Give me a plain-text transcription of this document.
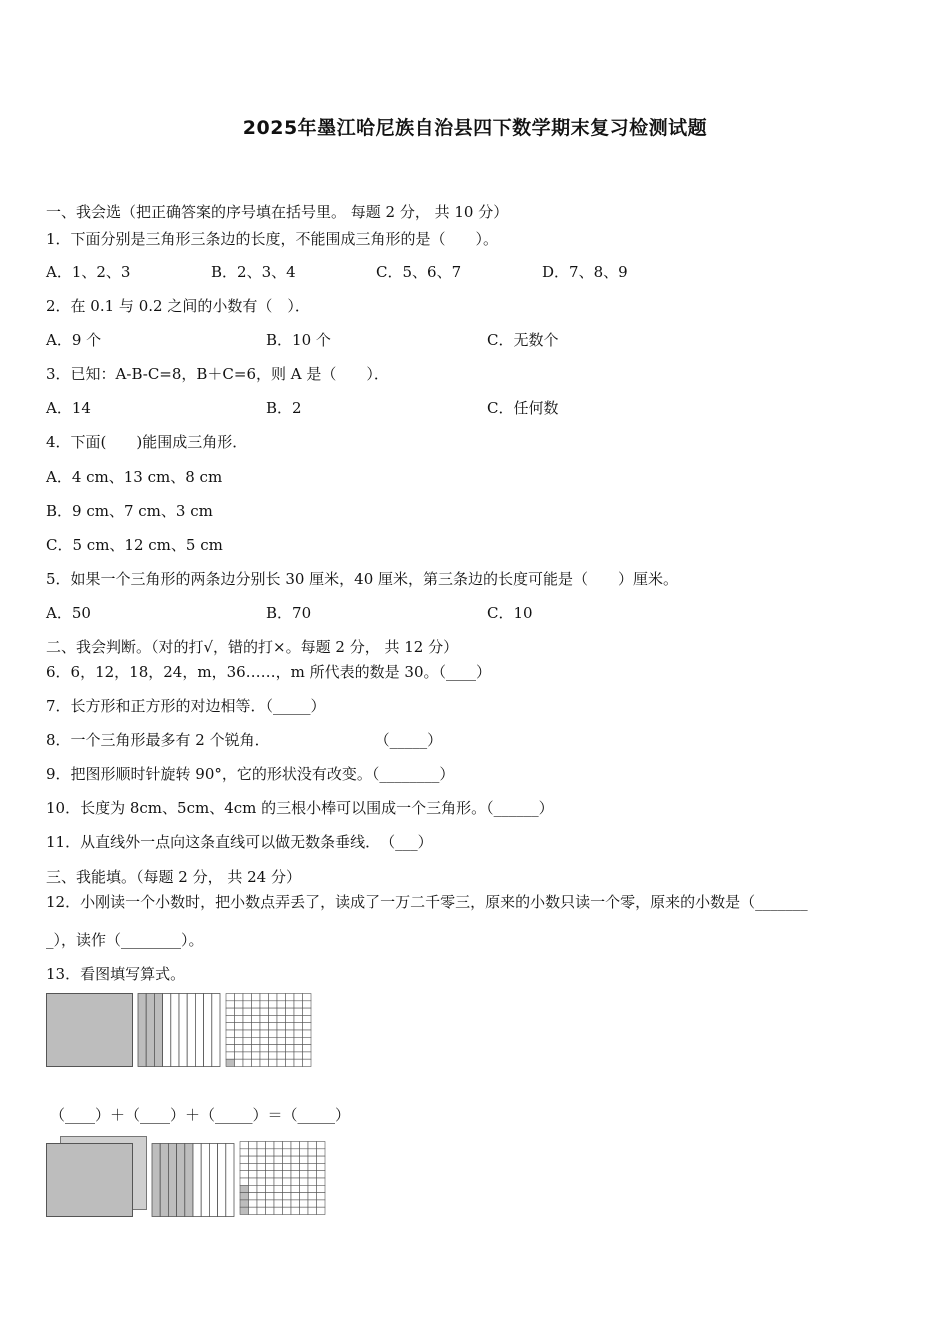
2025年墨江哈尼族自治县四下数学期末复习检测试题
一、我会选（把正确答案的序号填在括号里。 每题 2 分， 共 10 分）
1．下面分别是三角形三条边的长度，不能围成三角形的是（　　）。
A．1、2、3	B．2、3、4	C．5、6、7	D．7、8、9
2．在 0.1 与 0.2 之间的小数有（　）．
A．9 个	B．10 个	C．无数个
3．已知：A-B-C=8，B＋C=6，则 A 是（　　）．
A．14	B．2	C．任何数
4．下面(　　)能围成三角形．
A．4 cm、13 cm、8 cm
B．9 cm、7 cm、3 cm
C．5 cm、12 cm、5 cm
5．如果一个三角形的两条边分别长 30 厘米，40 厘米，第三条边的长度可能是（　　）厘米。
A．50	B．70	C．10
二、我会判断。（对的打√，错的打×。每题 2 分， 共 12 分）
6．6，12，18，24，m，36……，m 所代表的数是 30。（____）
7．长方形和正方形的对边相等．（_____）
8．一个三角形最多有 2 个锐角．　　　　　　　　（_____）
9．把图形顺时针旋转 90°，它的形状没有改变。（________）
10．长度为 8cm、5cm、4cm 的三根小棒可以围成一个三角形。（______）
11．从直线外一点向这条直线可以做无数条垂线．　（___）
三、我能填。（每题 2 分， 共 24 分）
12．小刚读一个小数时，把小数点弄丢了，读成了一万二千零三，原来的小数只读一个零，原来的小数是（_______
_），读作（________）。
13．看图填写算式。
（____）＋（____）＋（_____）＝（_____）
